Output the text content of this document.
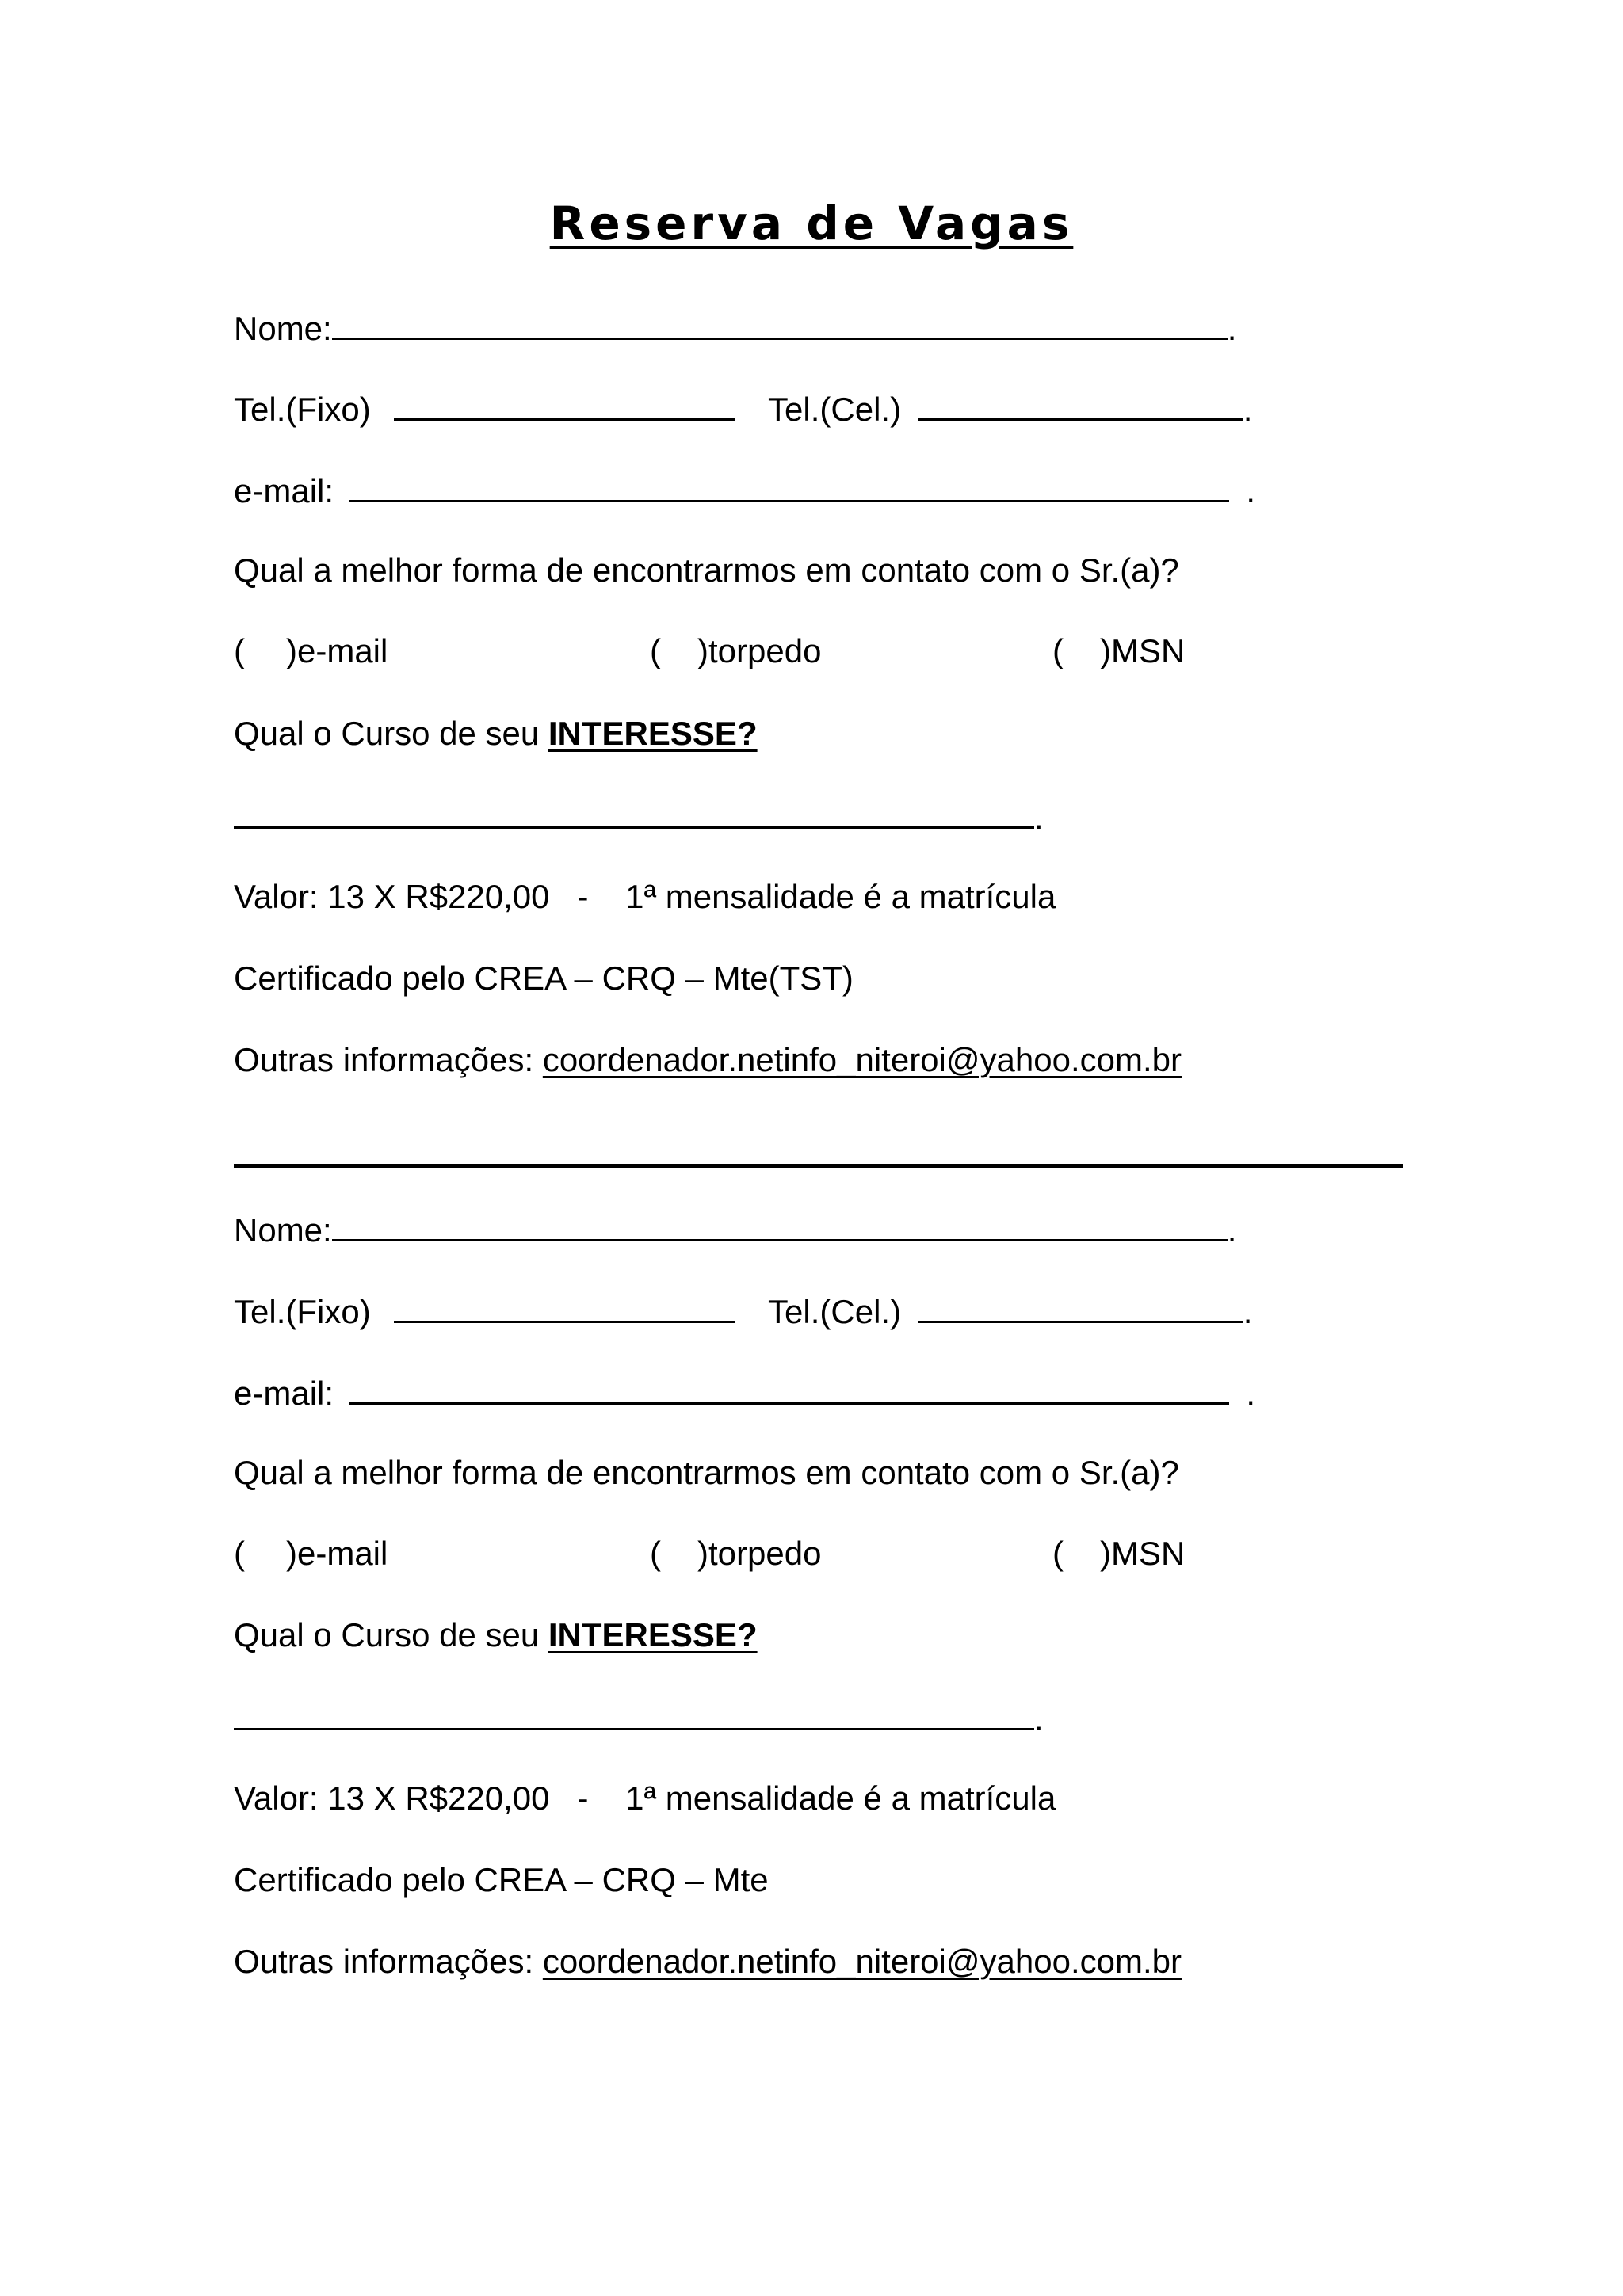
Reserva de Vagas
Nome:	.
Tel.(Fixo)	Tel.(Cel.)	.
e-mail:	.
Qual a melhor forma de encontrarmos em contato com o Sr.(a)?
( )e-mail	( )torpedo	( )MSN
Qual o Curso de seu INTERESSE?
.
Valor: 13 X R$220,00   -    1ª mensalidade é a matrícula
Certificado pelo CREA – CRQ – Mte(TST)
Outras informações: coordenador.netinfo_niteroi@yahoo.com.br
Nome:	.
Tel.(Fixo)	Tel.(Cel.)	.
e-mail:	.
Qual a melhor forma de encontrarmos em contato com o Sr.(a)?
( )e-mail	( )torpedo	( )MSN
Qual o Curso de seu INTERESSE?
.
Valor: 13 X R$220,00   -    1ª mensalidade é a matrícula
Certificado pelo CREA – CRQ – Mte
Outras informações: coordenador.netinfo_niteroi@yahoo.com.br
